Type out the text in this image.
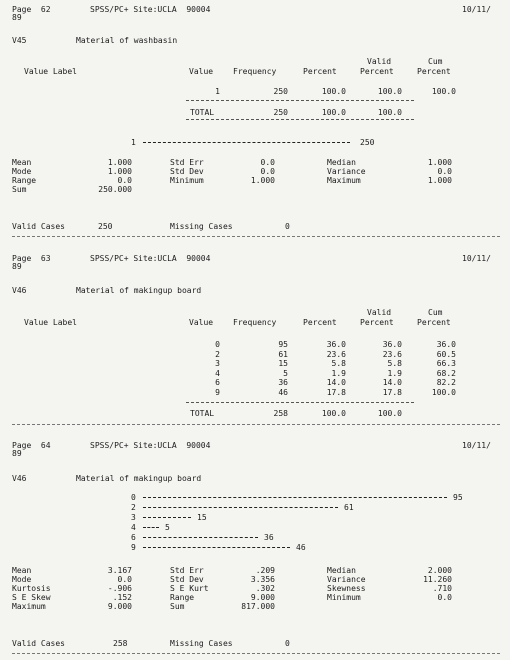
Page  62	SPSS/PC+ Site:UCLA  90004	10/11/
89
V45	Material of washbasin
Valid	Cum
Value Label	Value Frequency	Percent	Percent	Percent
1	250	100.0	100.0	100.0
TOTAL	250	100.0	100.0
1	250
Mean	1.000	Std Err	0.0	Median	1.000
Mode	1.000	Std Dev	0.0	Variance	0.0
Range	0.0	Minimum	1.000	Maximum	1.000
Sum	250.000
Valid Cases	250	Missing Cases	0
Page  63	SPSS/PC+ Site:UCLA  90004	10/11/
89
V46	Material of makingup board
Valid	Cum
Value Label	Value Frequency	Percent	Percent	Percent
0	95	36.0	36.0	36.0
2	61	23.6	23.6	60.5
3	15	5.8	5.8	66.3
4	5	1.9	1.9	68.2
6	36	14.0	14.0	82.2
9	46	17.8	17.8	100.0
TOTAL	258	100.0	100.0
Page  64	SPSS/PC+ Site:UCLA  90004	10/11/
89
V46	Material of makingup board
0	95
2	61
3	15
4	5
6	36
9	46
Mean	3.167	Std Err	.209	Median	2.000
Mode	0.0	Std Dev	3.356	Variance	11.260
Kurtosis	-.906	S E Kurt	.302	Skewness	.710
S E Skew	.152	Range	9.000	Minimum	0.0
Maximum	9.000	Sum	817.000
Valid Cases	258	Missing Cases	0
